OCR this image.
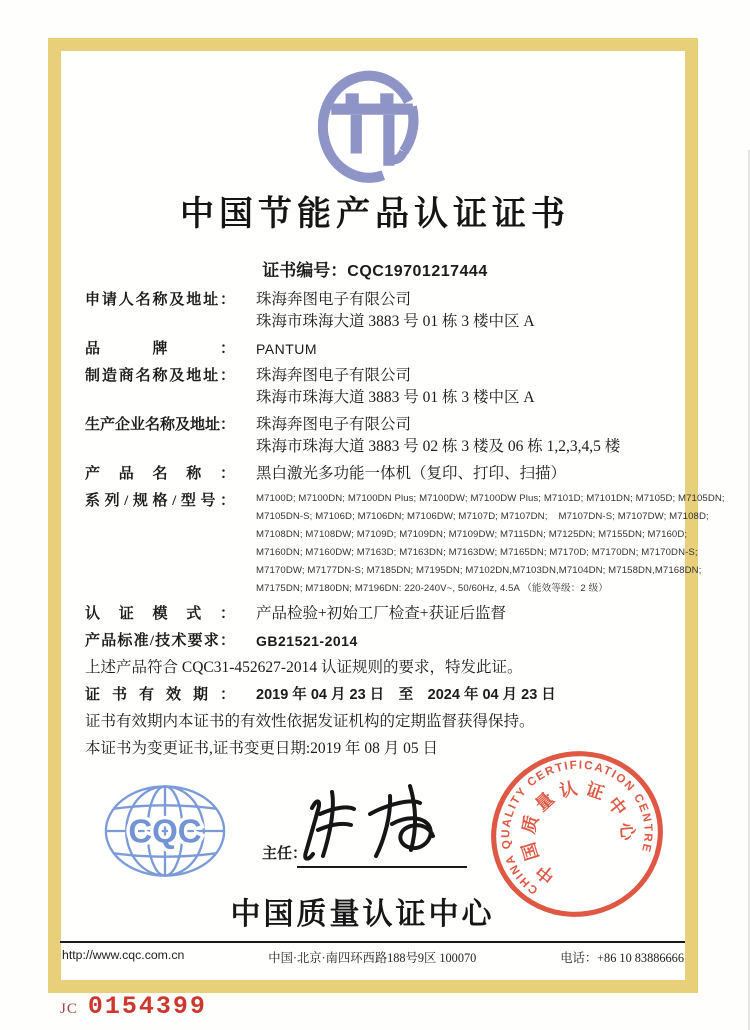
中国节能产品认证证书
证书编号：CQC19701217444
申请人名称及地址： 珠海奔图电子有限公司
珠海市珠海大道 3883 号 01 栋 3 楼中区 A
品牌： PANTUM
制造商名称及地址： 珠海奔图电子有限公司
珠海市珠海大道 3883 号 01 栋 3 楼中区 A
生产企业名称及地址： 珠海奔图电子有限公司
珠海市珠海大道 3883 号 02 栋 3 楼及 06 栋 1,2,3,4,5 楼
产品名称： 黑白激光多功能一体机（复印、打印、扫描）
系列/规格/型号： M7100D; M7100DN; M7100DN Plus; M7100DW; M7100DW Plus; M7101D; M7101DN; M7105D; M7105DN;
M7105DN-S; M7106D; M7106DN; M7106DW; M7107D; M7107DN;    M7107DN-S; M7107DW; M7108D;
M7108DN; M7108DW; M7109D; M7109DN; M7109DW; M7115DN; M7125DN; M7155DN; M7160D;
M7160DN; M7160DW; M7163D; M7163DN; M7163DW; M7165DN; M7170D; M7170DN; M7170DN-S;
M7170DW; M7177DN-S; M7185DN; M7195DN; M7102DN,M7103DN,M7104DN; M7158DN,M7168DN;
M7175DN; M7180DN; M7196DN: 220-240V~, 50/60Hz, 4.5A （能效等级：2 级）
认证模式： 产品检验+初始工厂检查+获证后监督
产品标准/技术要求： GB21521-2014
上述产品符合 CQC31-452627-2014 认证规则的要求，特发此证。
证书有效期： 2019 年 04 月 23 日　至　2024 年 04 月 23 日
证书有效期内本证书的有效性依据发证机构的定期监督获得保持。
本证书为变更证书,证书变更日期:2019 年 08 月 05 日
CQC
主任：
CHINA QUALITY CERTIFICATION CENTRE
中国质量认证中心
中国质量认证中心
http://www.cqc.com.cn	中国·北京·南四环西路188号9区 100070	电话：+86 10 83886666
JC 0154399
